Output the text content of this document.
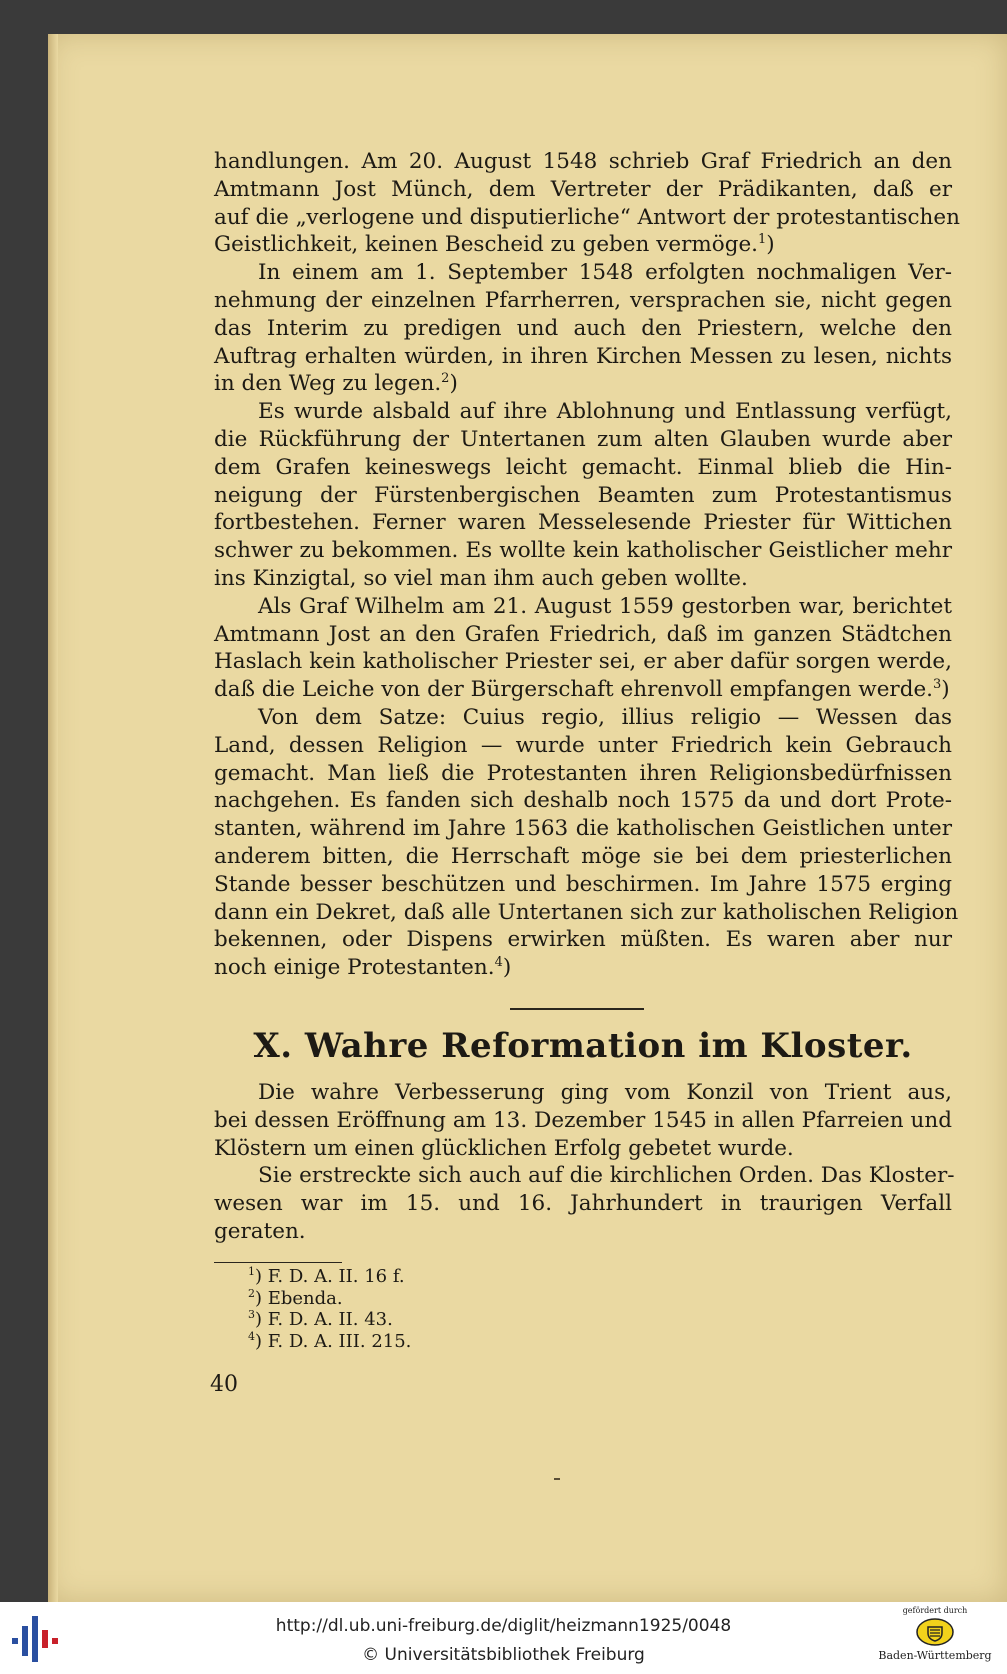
handlungen. Am 20. August 1548 schrieb Graf Friedrich an den
Amtmann Jost Münch, dem Vertreter der Prädikanten, daß er
auf die „verlogene und disputierliche“ Antwort der protestantischen
Geistlichkeit, keinen Bescheid zu geben vermöge.$^1$)
In einem am 1. September 1548 erfolgten nochmaligen Ver-
nehmung der einzelnen Pfarrherren, versprachen sie, nicht gegen
das Interim zu predigen und auch den Priestern, welche den
Auftrag erhalten würden, in ihren Kirchen Messen zu lesen, nichts
in den Weg zu legen.$^2$)
Es wurde alsbald auf ihre Ablohnung und Entlassung verfügt,
die Rückführung der Untertanen zum alten Glauben wurde aber
dem Grafen keineswegs leicht gemacht. Einmal blieb die Hin-
neigung der Fürstenbergischen Beamten zum Protestantismus
fortbestehen. Ferner waren Messelesende Priester für Wittichen
schwer zu bekommen. Es wollte kein katholischer Geistlicher mehr
ins Kinzigtal, so viel man ihm auch geben wollte.
Als Graf Wilhelm am 21. August 1559 gestorben war, berichtet
Amtmann Jost an den Grafen Friedrich, daß im ganzen Städtchen
Haslach kein katholischer Priester sei, er aber dafür sorgen werde,
daß die Leiche von der Bürgerschaft ehrenvoll empfangen werde.$^3$)
Von dem Satze: Cuius regio, illius religio — Wessen das
Land, dessen Religion — wurde unter Friedrich kein Gebrauch
gemacht. Man ließ die Protestanten ihren Religionsbedürfnissen
nachgehen. Es fanden sich deshalb noch 1575 da und dort Prote-
stanten, während im Jahre 1563 die katholischen Geistlichen unter
anderem bitten, die Herrschaft möge sie bei dem priesterlichen
Stande besser beschützen und beschirmen. Im Jahre 1575 erging
dann ein Dekret, daß alle Untertanen sich zur katholischen Religion
bekennen, oder Dispens erwirken müßten. Es waren aber nur
noch einige Protestanten.$^4$)
X. Wahre Reformation im Kloster.
Die wahre Verbesserung ging vom Konzil von Trient aus,
bei dessen Eröffnung am 13. Dezember 1545 in allen Pfarreien und
Klöstern um einen glücklichen Erfolg gebetet wurde.
Sie erstreckte sich auch auf die kirchlichen Orden. Das Kloster-
wesen war im 15. und 16. Jahrhundert in traurigen Verfall
geraten.
$^1$) F. D. A. II. 16 f.
$^2$) Ebenda.
$^3$) F. D. A. II. 43.
$^4$) F. D. A. III. 215.
40
http://dl.ub.uni-freiburg.de/diglit/heizmann1925/0048
© Universitätsbibliothek Freiburg
gefördert durch
Baden-Württemberg
